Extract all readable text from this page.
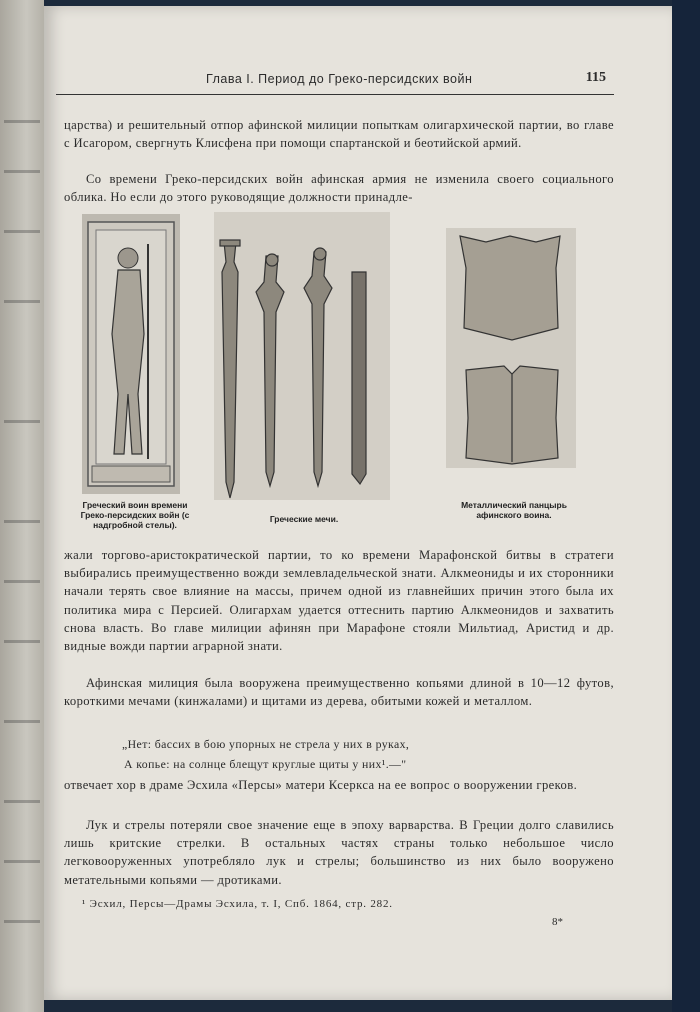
Глава I. Период до Греко-персидских войн	115

царства) и решительный отпор афинской милиции попыткам олигархической партии, во главе с Исагором, свергнуть Клисфена при помощи спартанской и беотийской армий.

Со времени Греко-персидских войн афинская армия не изменила своего социального облика. Но если до этого руководящие должности принадле-

Греческий воин времени Греко-персидских войн (с надгробной стелы).
Греческие мечи.
Металлический панцырь афинского воина.

жали торгово-аристократической партии, то ко времени Марафонской битвы в стратеги выбирались преимущественно вожди землевладельческой знати. Алкмеониды и их сторонники начали терять свое влияние на массы, причем одной из главнейших причин этого была их политика мира с Персией. Олигархам удается оттеснить партию Алкмеонидов и захватить снова власть. Во главе милиции афинян при Марафоне стояли Мильтиад, Аристид и др. видные вожди партии аграрной знати.

Афинская милиция была вооружена преимущественно копьями длиной в 10—12 футов, короткими мечами (кинжалами) и щитами из дерева, обитыми кожей и металлом.

„Нет: бассих в бою упорных не стрела у них в руках,
А копье: на солнце блещут круглые щиты у них¹.—"

отвечает хор в драме Эсхила «Персы» матери Ксеркса на ее вопрос о вооружении греков.

Лук и стрелы потеряли свое значение еще в эпоху варварства. В Греции долго славились лишь критские стрелки. В остальных частях страны только небольшое число легковооруженных употребляло лук и стрелы; большинство из них было вооружено метательными копьями — дротиками.

¹ Эсхил, Персы—Драмы Эсхила, т. I, Спб. 1864, стр. 282.
8*
